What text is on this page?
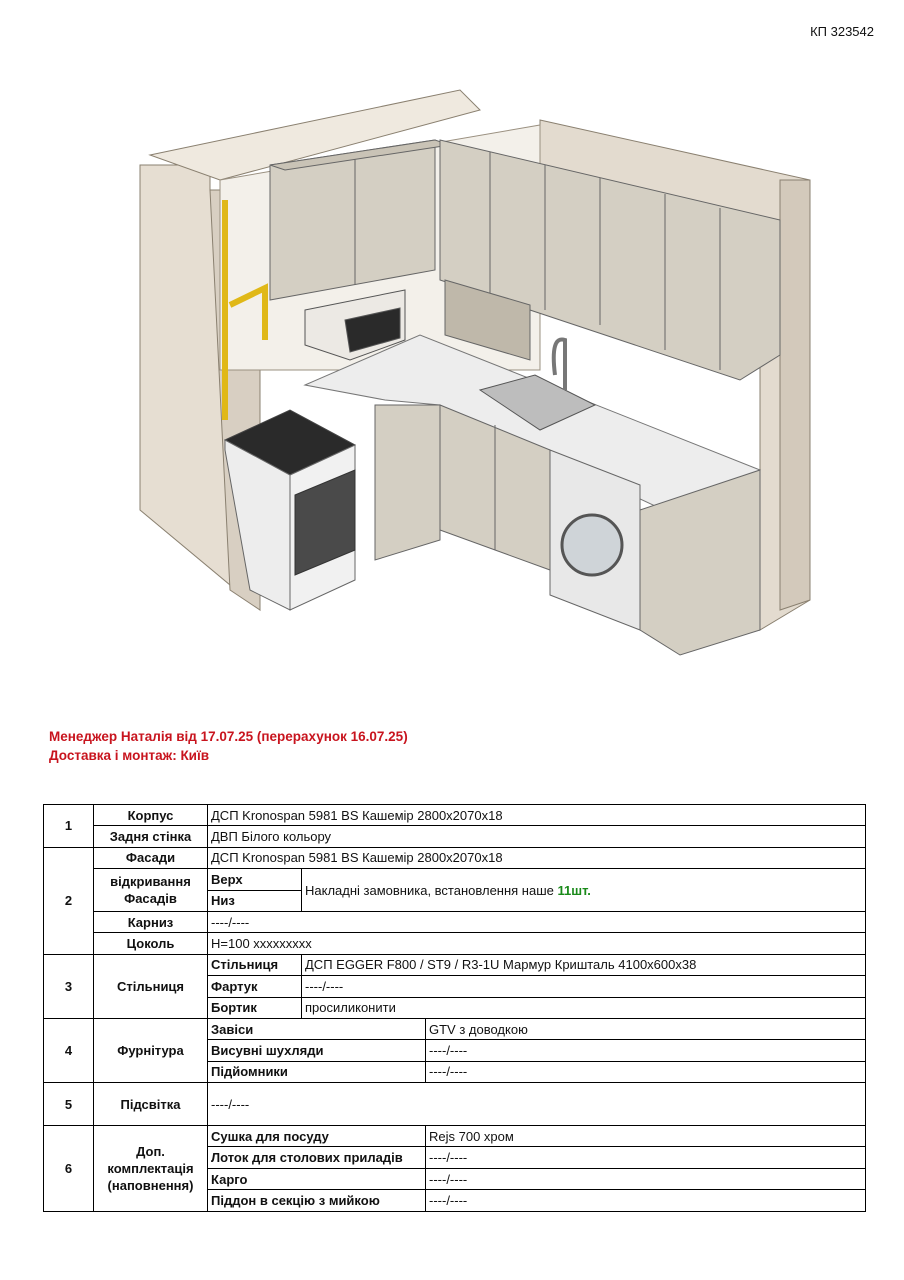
КП 323542
Менеджер Наталія від 17.07.25 (перерахунок 16.07.25)
Доставка і монтаж: Київ
1	Корпус	ДСП Kronospan 5981 BS Кашемір 2800х2070х18		
	Задня стінка	ДВП Білого кольору		
2	Фасади	ДСП Kronospan 5981 BS Кашемір 2800х2070х18		
	відкривання Фасадів	Верх	Накладні замовника, встановлення наше 11шт.	
		Низ		
	Карниз	----/----		
	Цоколь	H=100 xxxxxxxxx		
3	Стільниця	Стільниця	ДСП EGGER F800 / ST9 / R3-1U Мармур Кришталь 4100х600х38	
		Фартук	----/----	
		Бортик	просиликонити	
4	Фурнітура	Завіси		GTV з доводкою
		Висувні шухляди		----/----
		Підйомники		----/----
5	Підсвітка	----/----		
6	Доп. комплектація (наповнення)	Сушка для посуду		Rejs 700 хром
		Лоток для столових приладів		----/----
		Карго		----/----
		Піддон в секцію з мийкою		----/----
